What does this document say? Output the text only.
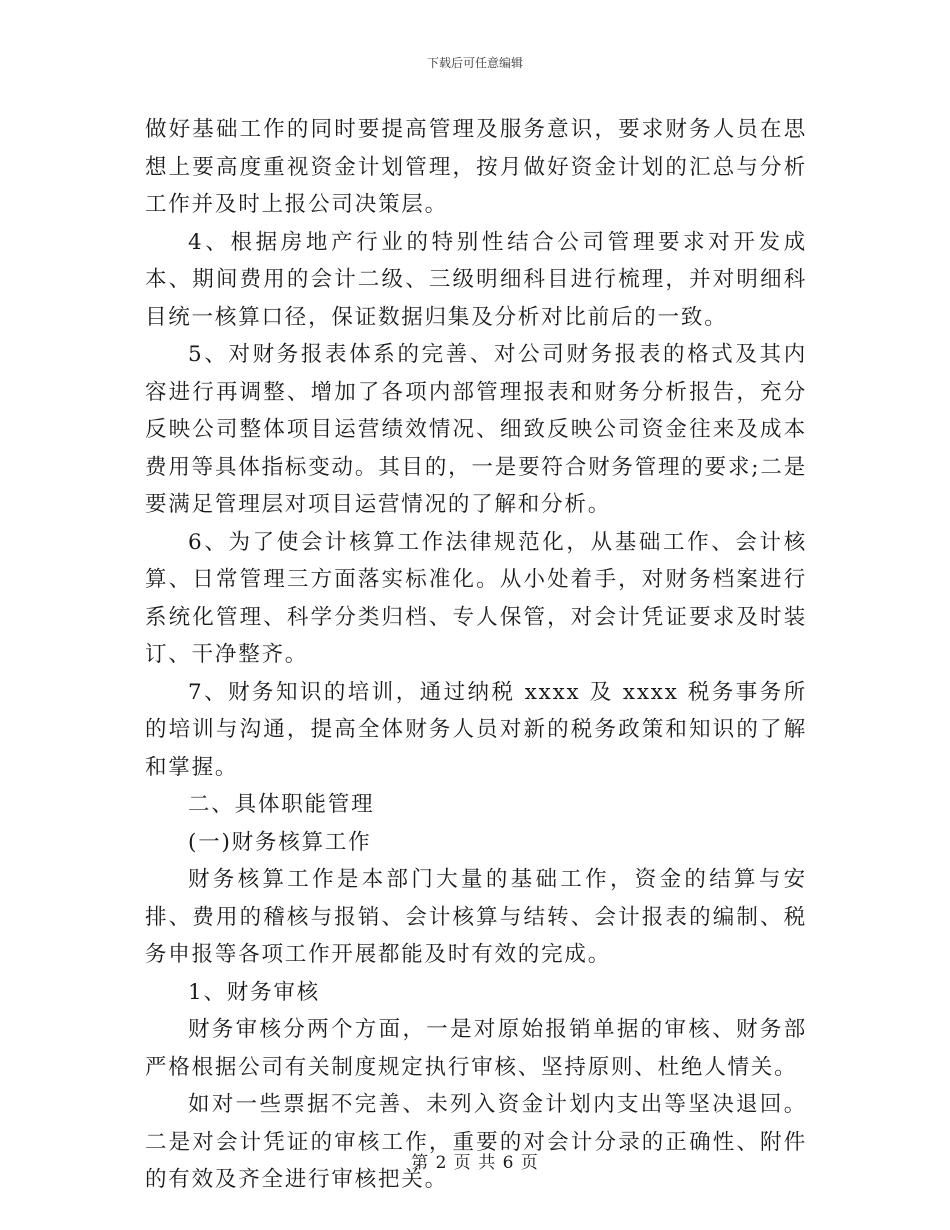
下载后可任意编辑

做好基础工作的同时要提高管理及服务意识，要求财务人员在思想上要高度重视资金计划管理，按月做好资金计划的汇总与分析工作并及时上报公司决策层。

4、根据房地产行业的特别性结合公司管理要求对开发成本、期间费用的会计二级、三级明细科目进行梳理，并对明细科目统一核算口径，保证数据归集及分析对比前后的一致。

5、对财务报表体系的完善、对公司财务报表的格式及其内容进行再调整、增加了各项内部管理报表和财务分析报告，充分反映公司整体项目运营绩效情况、细致反映公司资金往来及成本费用等具体指标变动。其目的，一是要符合财务管理的要求;二是要满足管理层对项目运营情况的了解和分析。

6、为了使会计核算工作法律规范化，从基础工作、会计核算、日常管理三方面落实标准化。从小处着手，对财务档案进行系统化管理、科学分类归档、专人保管，对会计凭证要求及时装订、干净整齐。

7、财务知识的培训，通过纳税 xxxx 及 xxxx 税务事务所的培训与沟通，提高全体财务人员对新的税务政策和知识的了解和掌握。

二、具体职能管理

(一)财务核算工作

财务核算工作是本部门大量的基础工作，资金的结算与安排、费用的稽核与报销、会计核算与结转、会计报表的编制、税务申报等各项工作开展都能及时有效的完成。

1、财务审核

财务审核分两个方面，一是对原始报销单据的审核、财务部严格根据公司有关制度规定执行审核、坚持原则、杜绝人情关。

如对一些票据不完善、未列入资金计划内支出等坚决退回。二是对会计凭证的审核工作，重要的对会计分录的正确性、附件的有效及齐全进行审核把关。

第 2 页 共 6 页
